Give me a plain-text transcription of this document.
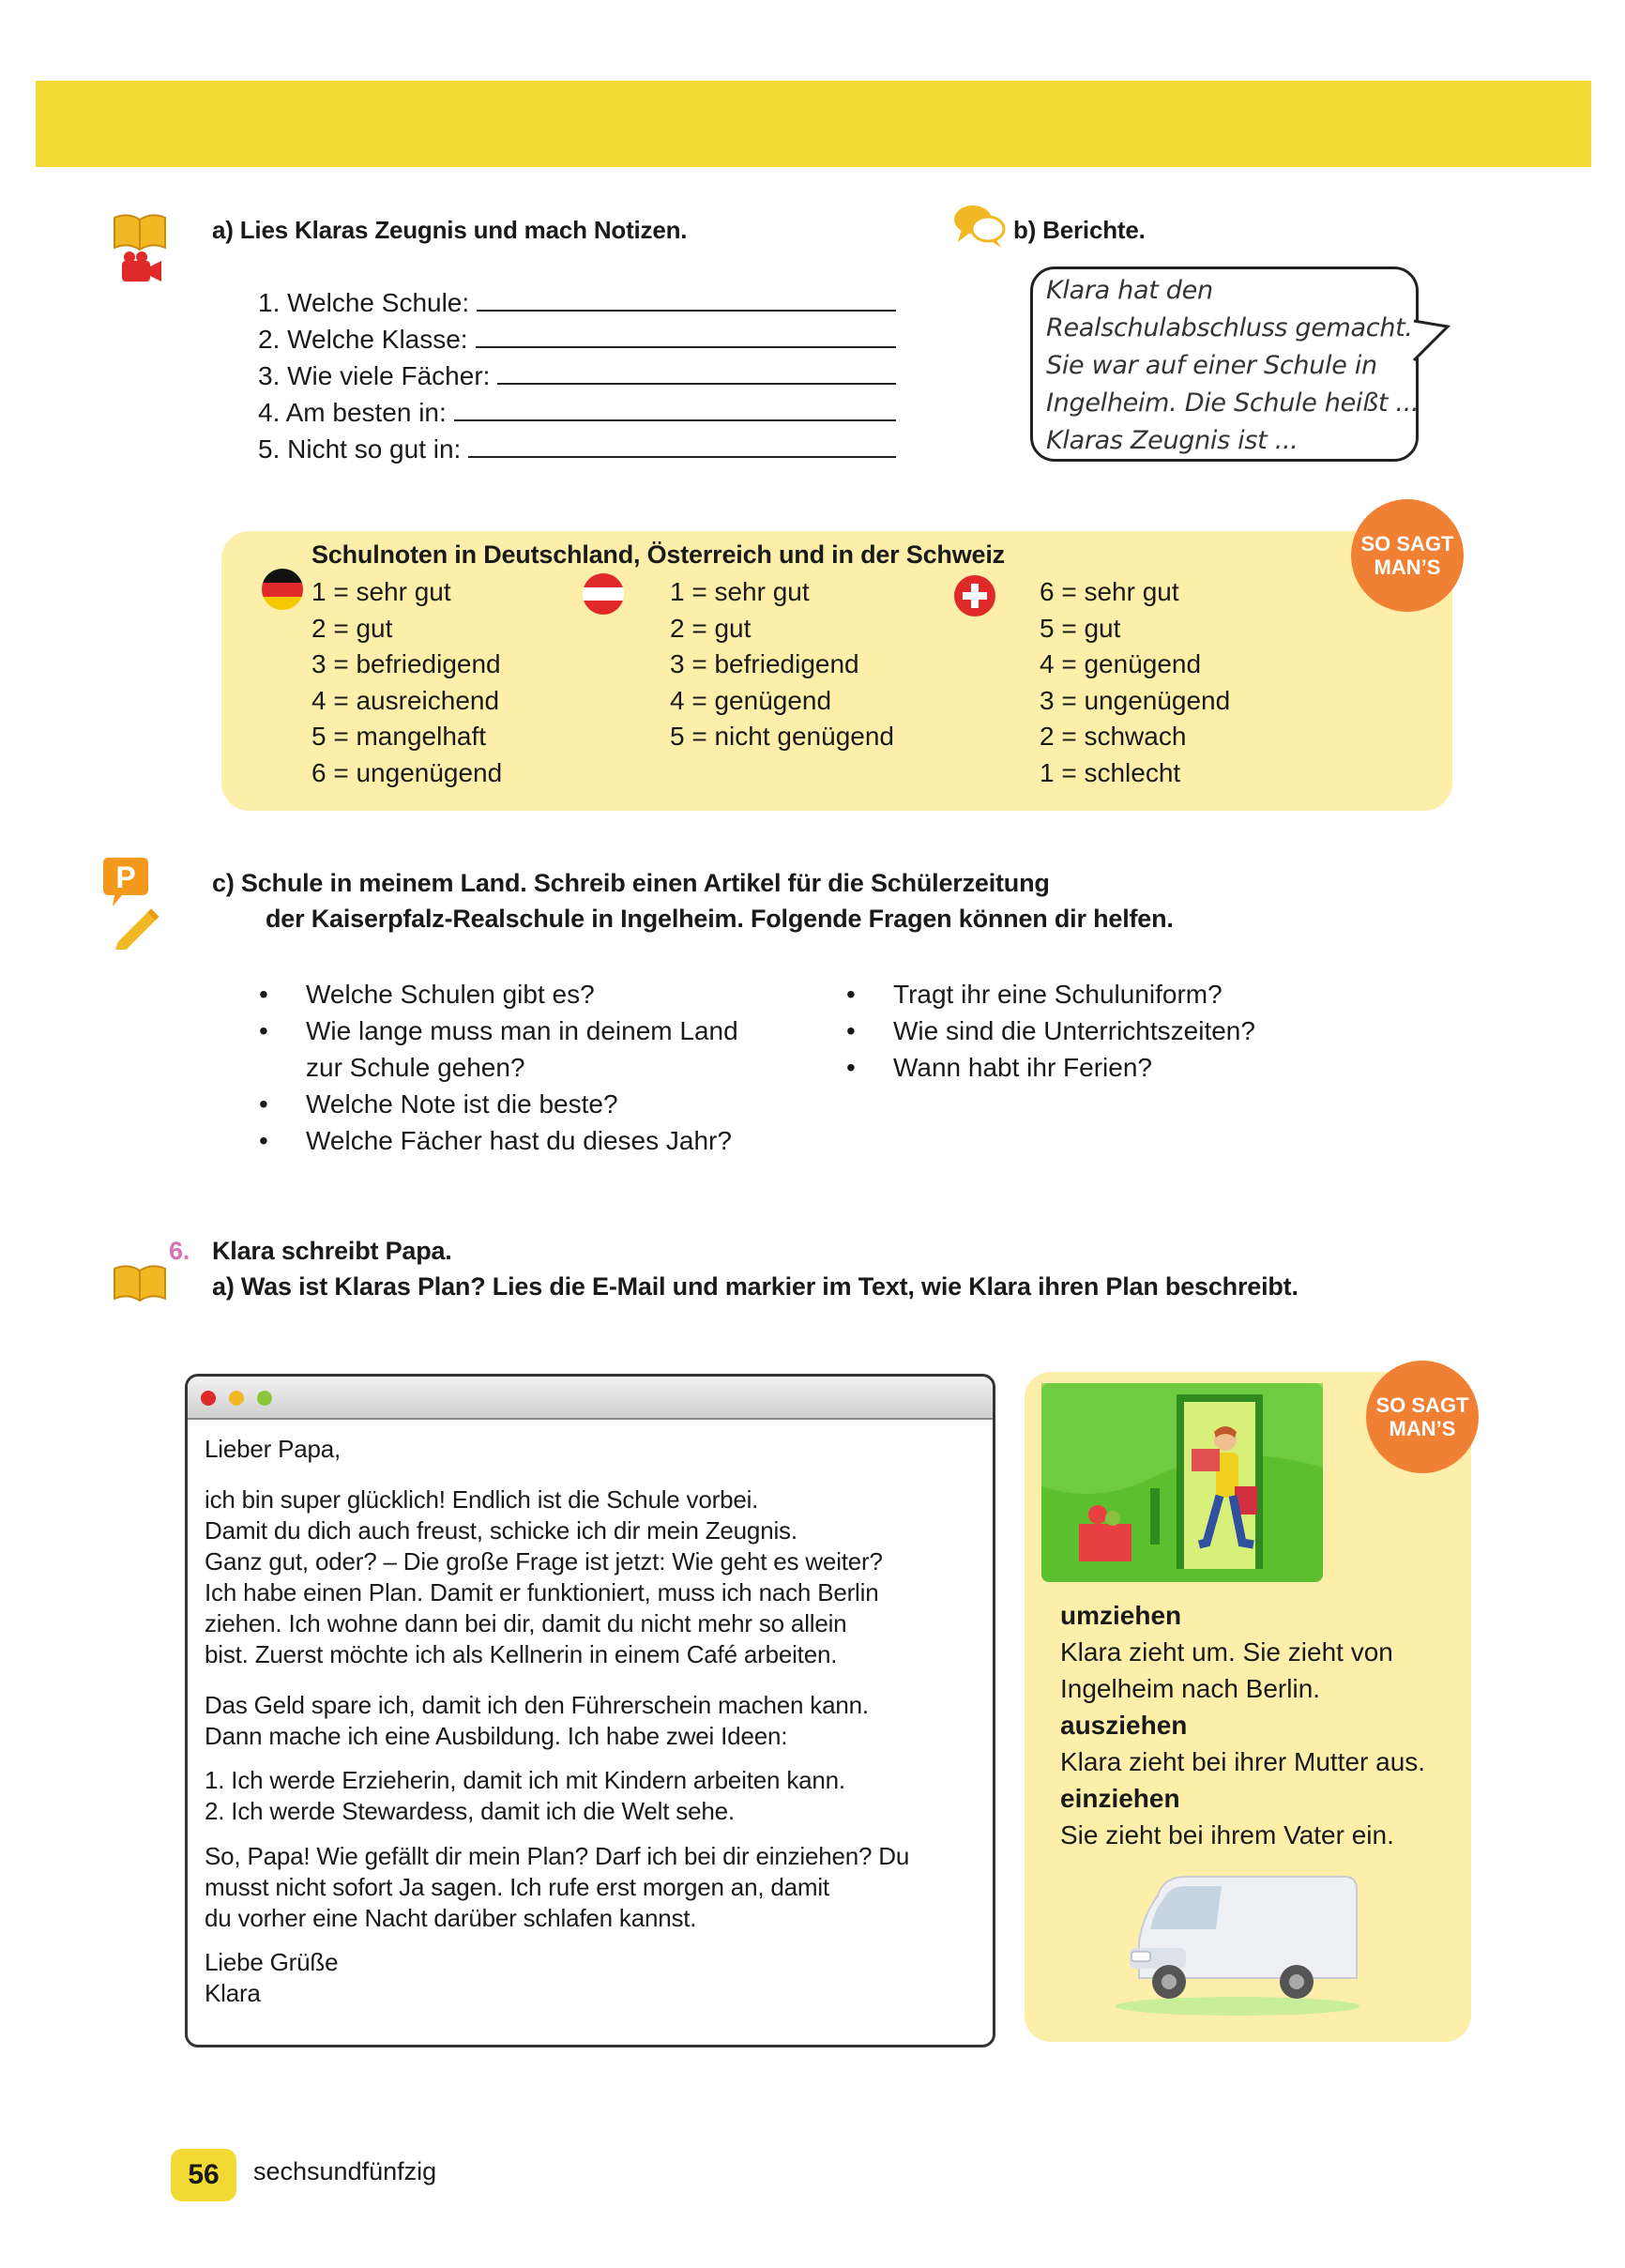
a) Lies Klaras Zeugnis und mach Notizen.
1. Welche Schule:
2. Welche Klasse:
3. Wie viele Fächer:
4. Am besten in:
5. Nicht so gut in:
b) Berichte.
Klara hat den
Realschulabschluss gemacht.
Sie war auf einer Schule in
Ingelheim. Die Schule heißt ...
Klaras Zeugnis ist ...
SO SAGT
MAN’S
Schulnoten in Deutschland, Österreich und in der Schweiz
1 = sehr gut
2 = gut
3 = befriedigend
4 = ausreichend
5 = mangelhaft
6 = ungenügend
1 = sehr gut
2 = gut
3 = befriedigend
4 = genügend
5 = nicht genügend
6 = sehr gut
5 = gut
4 = genügend
3 = ungenügend
2 = schwach
1 = schlecht
P	c) Schule in meinem Land. Schreib einen Artikel für die Schülerzeitung
der Kaiserpfalz-Realschule in Ingelheim. Folgende Fragen können dir helfen.
• Welche Schulen gibt es?
• Wie lange muss man in deinem Land
zur Schule gehen?
• Welche Note ist die beste?
• Welche Fächer hast du dieses Jahr?
• Tragt ihr eine Schuluniform?
• Wie sind die Unterrichtszeiten?
• Wann habt ihr Ferien?
6. Klara schreibt Papa.
a) Was ist Klaras Plan? Lies die E-Mail und markier im Text, wie Klara ihren Plan beschreibt.
Lieber Papa,
ich bin super glücklich! Endlich ist die Schule vorbei.
Damit du dich auch freust, schicke ich dir mein Zeugnis.
Ganz gut, oder? – Die große Frage ist jetzt: Wie geht es weiter?
Ich habe einen Plan. Damit er funktioniert, muss ich nach Berlin
ziehen. Ich wohne dann bei dir, damit du nicht mehr so allein
bist. Zuerst möchte ich als Kellnerin in einem Café arbeiten.
Das Geld spare ich, damit ich den Führerschein machen kann.
Dann mache ich eine Ausbildung. Ich habe zwei Ideen:
1. Ich werde Erzieherin, damit ich mit Kindern arbeiten kann.
2. Ich werde Stewardess, damit ich die Welt sehe.
So, Papa! Wie gefällt dir mein Plan? Darf ich bei dir einziehen? Du
musst nicht sofort Ja sagen. Ich rufe erst morgen an, damit
du vorher eine Nacht darüber schlafen kannst.
Liebe Grüße
Klara
SO SAGT
MAN’S
umziehen
Klara zieht um. Sie zieht von
Ingelheim nach Berlin.
ausziehen
Klara zieht bei ihrer Mutter aus.
einziehen
Sie zieht bei ihrem Vater ein.
56	sechsundfünfzig
